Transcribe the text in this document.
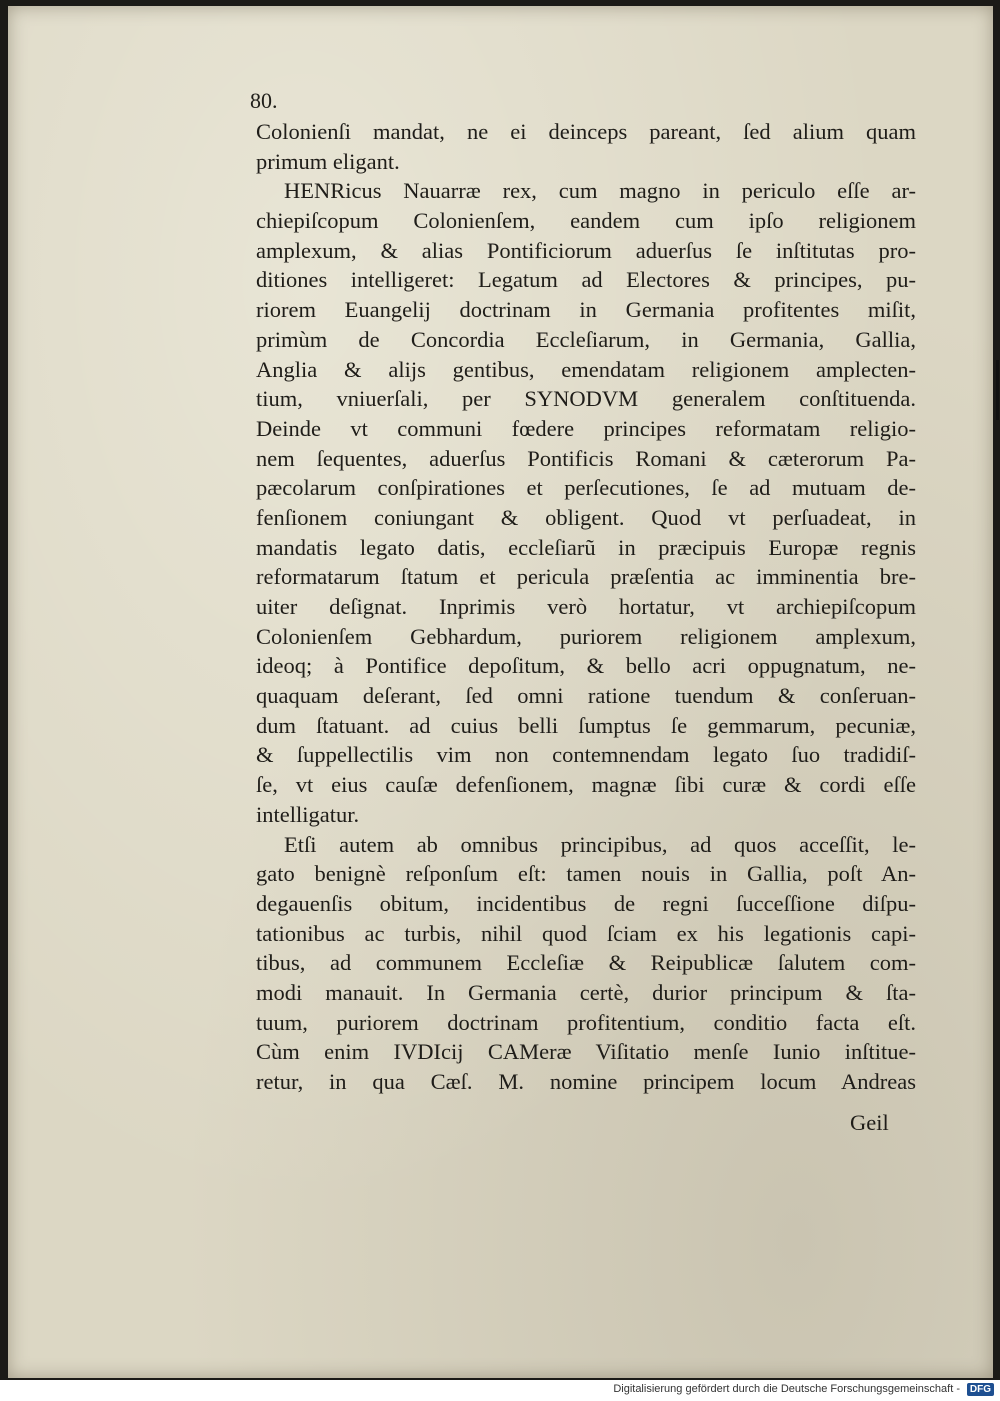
80.
Colonienſi mandat, ne ei deinceps pareant, ſed alium quam
primum eligant.
HENRicus Nauarræ rex, cum magno in periculo eſſe ar-
chiepiſcopum Colonienſem, eandem cum ipſo religionem
amplexum, & alias Pontificiorum aduerſus ſe inſtitutas pro-
ditiones intelligeret: Legatum ad Electores & principes, pu-
riorem Euangelij doctrinam in Germania profitentes miſit,
primùm de Concordia Eccleſiarum, in Germania, Gallia,
Anglia & alijs gentibus, emendatam religionem amplecten-
tium, vniuerſali, per SYNODVM generalem conſtituenda.
Deinde vt communi fœdere principes reformatam religio-
nem ſequentes, aduerſus Pontificis Romani & cæterorum Pa-
pæcolarum conſpirationes et perſecutiones, ſe ad mutuam de-
fenſionem coniungant & obligent. Quod vt perſuadeat, in
mandatis legato datis, eccleſiarũ in præcipuis Europæ regnis
reformatarum ſtatum et pericula præſentia ac imminentia bre-
uiter deſignat. Inprimis verò hortatur, vt archiepiſcopum
Colonienſem Gebhardum, puriorem religionem amplexum,
ideoq; à Pontifice depoſitum, & bello acri oppugnatum, ne-
quaquam deſerant, ſed omni ratione tuendum & conſeruan-
dum ſtatuant. ad cuius belli ſumptus ſe gemmarum, pecuniæ,
& ſuppellectilis vim non contemnendam legato ſuo tradidiſ-
ſe, vt eius cauſæ defenſionem, magnæ ſibi curæ & cordi eſſe
intelligatur.
Etſi autem ab omnibus principibus, ad quos acceſſit, le-
gato benignè reſponſum eſt: tamen nouis in Gallia, poſt An-
degauenſis obitum, incidentibus de regni ſucceſſione diſpu-
tationibus ac turbis, nihil quod ſciam ex his legationis capi-
tibus, ad communem Eccleſiæ & Reipublicæ ſalutem com-
modi manauit. In Germania certè, durior principum & ſta-
tuum, puriorem doctrinam profitentium, conditio facta eſt.
Cùm enim IVDIcij CAMeræ Viſitatio menſe Iunio inſtitue-
retur, in qua Cæſ. M. nomine principem locum Andreas
Geil
Digitalisierung gefördert durch die Deutsche Forschungsgemeinschaft - DFG
